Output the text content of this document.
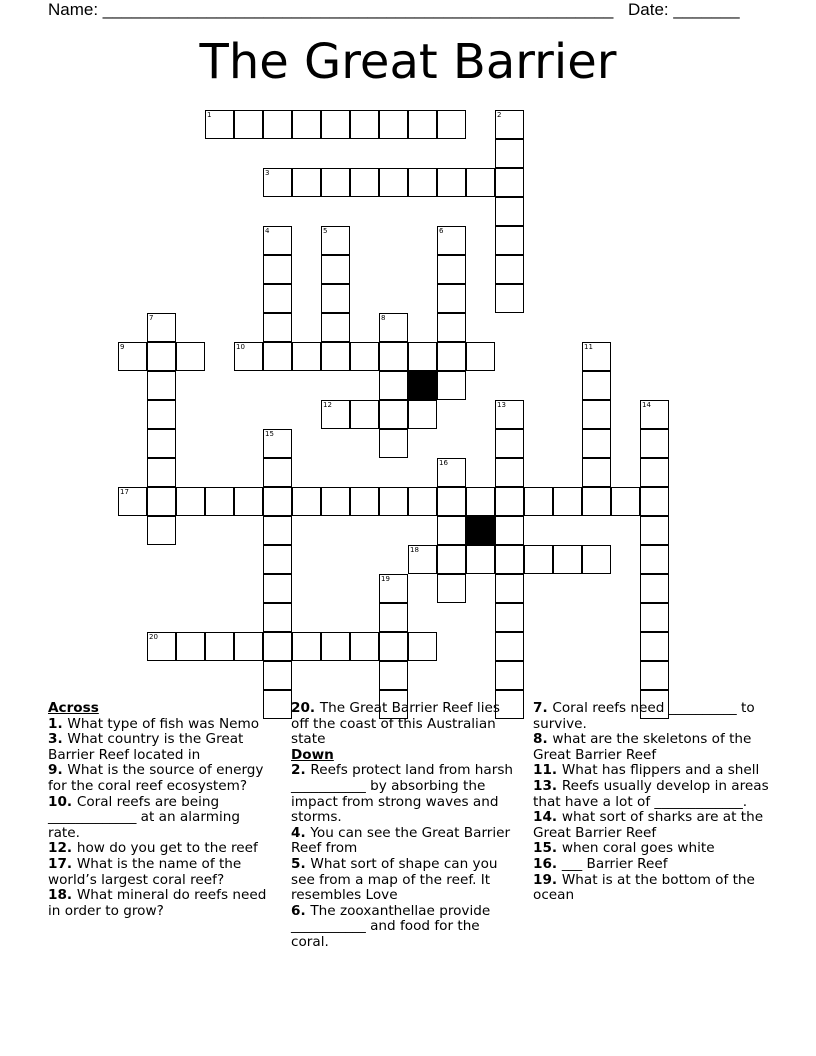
Name: ______________________________________________________ Date: _______
The Great Barrier
1	2
3
4	5	6
7	8
9	10	11
12	13	14
15
16
17
18
19
20
Across
1. What type of fish was Nemo
3. What country is the Great Barrier Reef located in
9. What is the source of energy for the coral reef ecosystem?
10. Coral reefs are being _____________ at an alarming rate.
12. how do you get to the reef
17. What is the name of the world’s largest coral reef?
18. What mineral do reefs need in order to grow?
20. The Great Barrier Reef lies off the coast of this Australian state
Down
2. Reefs protect land from harsh ___________ by absorbing the impact from strong waves and storms.
4. You can see the Great Barrier Reef from
5. What sort of shape can you see from a map of the reef. It resembles Love
6. The zooxanthellae provide ___________ and food for the coral.
7. Coral reefs need __________ to survive.
8. what are the skeletons of the Great Barrier Reef
11. What has flippers and a shell
13. Reefs usually develop in areas that have a lot of _____________.
14. what sort of sharks are at the Great Barrier Reef
15. when coral goes white
16. ___ Barrier Reef
19. What is at the bottom of the ocean
